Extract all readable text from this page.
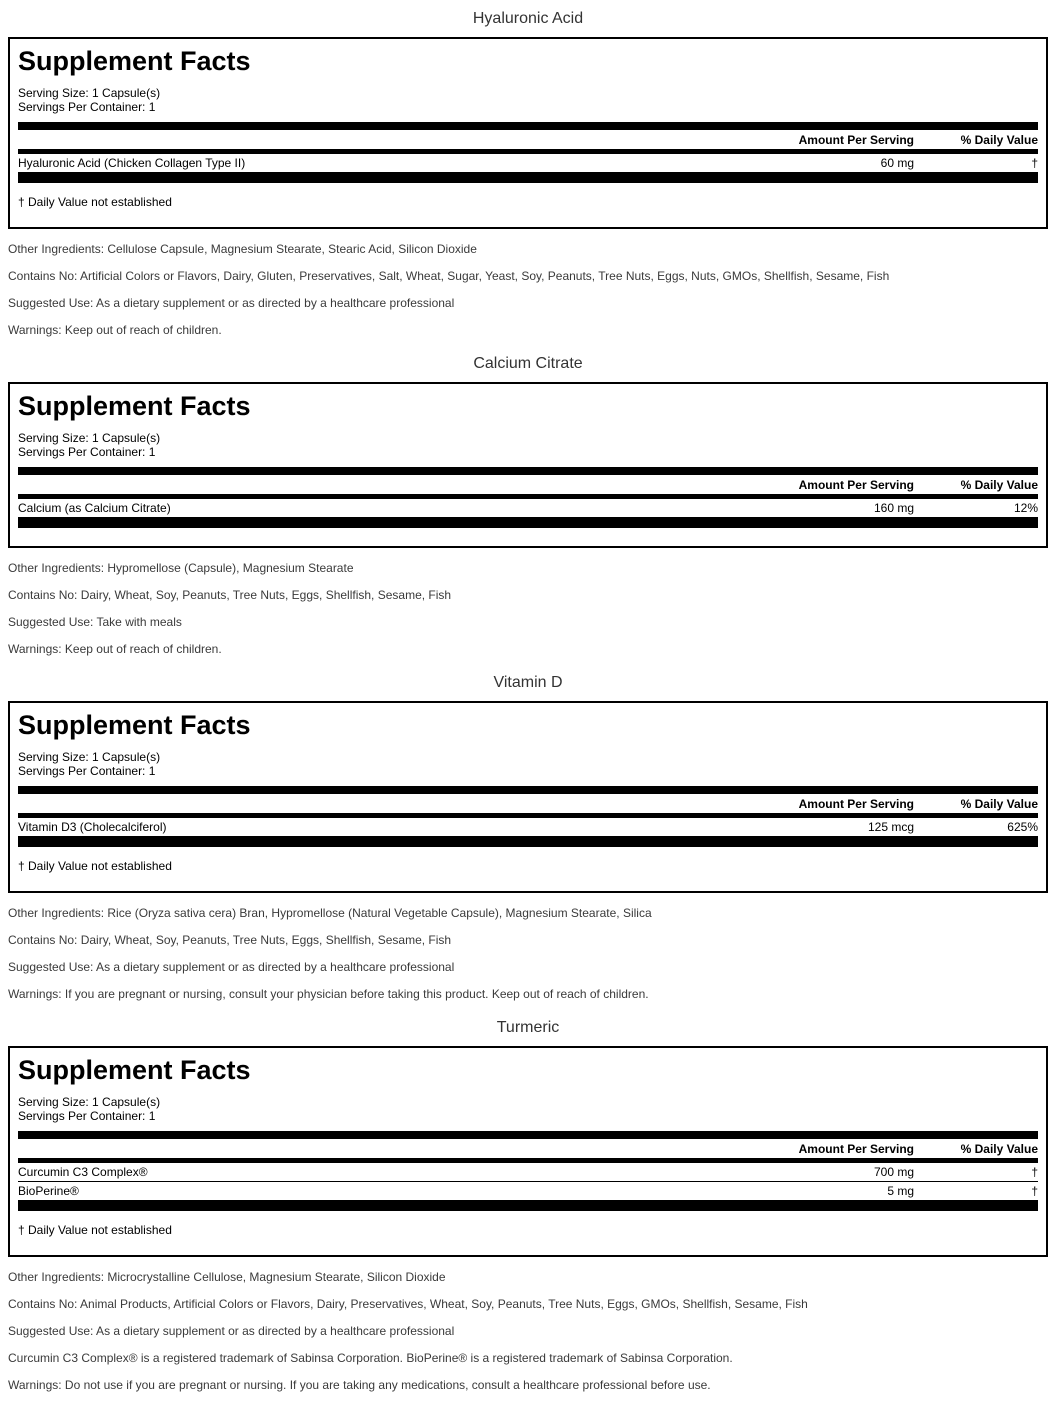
Hyaluronic Acid
Supplement Facts
Serving Size: 1 Capsule(s)
Servings Per Container: 1
Amount Per Serving	% Daily Value
Hyaluronic Acid (Chicken Collagen Type II)	60 mg	†
† Daily Value not established

Other Ingredients: Cellulose Capsule, Magnesium Stearate, Stearic Acid, Silicon Dioxide

Contains No: Artificial Colors or Flavors, Dairy, Gluten, Preservatives, Salt, Wheat, Sugar, Yeast, Soy, Peanuts, Tree Nuts, Eggs, Nuts, GMOs, Shellfish, Sesame, Fish

Suggested Use: As a dietary supplement or as directed by a healthcare professional

Warnings: Keep out of reach of children.

Calcium Citrate
Supplement Facts
Serving Size: 1 Capsule(s)
Servings Per Container: 1
Amount Per Serving	% Daily Value
Calcium (as Calcium Citrate)	160 mg	12%

Other Ingredients: Hypromellose (Capsule), Magnesium Stearate

Contains No: Dairy, Wheat, Soy, Peanuts, Tree Nuts, Eggs, Shellfish, Sesame, Fish

Suggested Use: Take with meals

Warnings: Keep out of reach of children.

Vitamin D
Supplement Facts
Serving Size: 1 Capsule(s)
Servings Per Container: 1
Amount Per Serving	% Daily Value
Vitamin D3 (Cholecalciferol)	125 mcg	625%
† Daily Value not established

Other Ingredients: Rice (Oryza sativa cera) Bran, Hypromellose (Natural Vegetable Capsule), Magnesium Stearate, Silica

Contains No: Dairy, Wheat, Soy, Peanuts, Tree Nuts, Eggs, Shellfish, Sesame, Fish

Suggested Use: As a dietary supplement or as directed by a healthcare professional

Warnings: If you are pregnant or nursing, consult your physician before taking this product. Keep out of reach of children.

Turmeric
Supplement Facts
Serving Size: 1 Capsule(s)
Servings Per Container: 1
Amount Per Serving	% Daily Value
Curcumin C3 Complex®	700 mg	†
BioPerine®	5 mg	†
† Daily Value not established

Other Ingredients: Microcrystalline Cellulose, Magnesium Stearate, Silicon Dioxide

Contains No: Animal Products, Artificial Colors or Flavors, Dairy, Preservatives, Wheat, Soy, Peanuts, Tree Nuts, Eggs, GMOs, Shellfish, Sesame, Fish

Suggested Use: As a dietary supplement or as directed by a healthcare professional

Curcumin C3 Complex® is a registered trademark of Sabinsa Corporation. BioPerine® is a registered trademark of Sabinsa Corporation.

Warnings: Do not use if you are pregnant or nursing. If you are taking any medications, consult a healthcare professional before use.
